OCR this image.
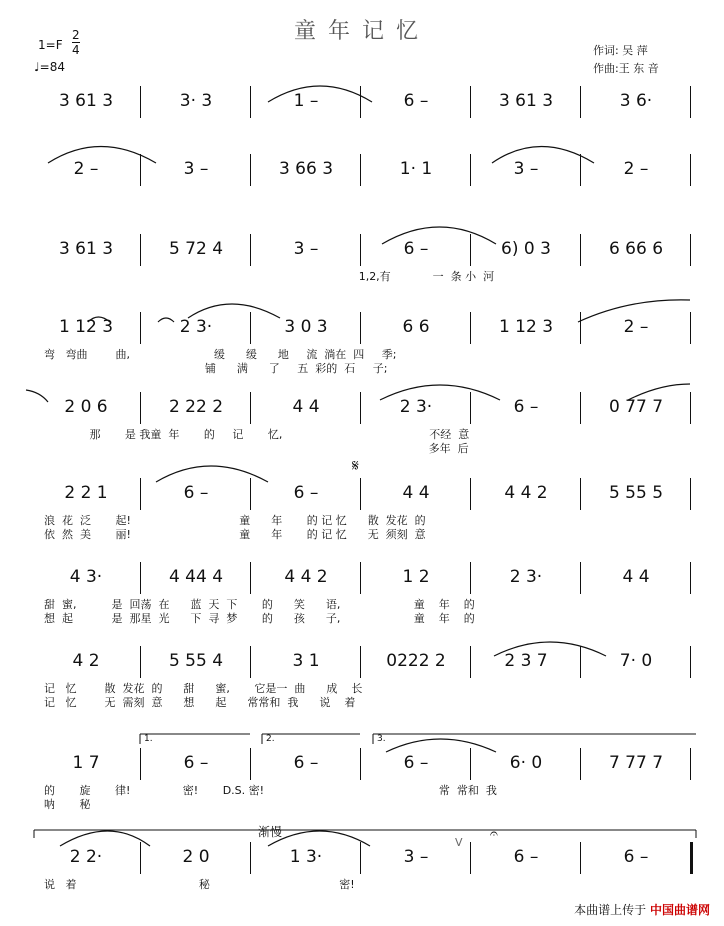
童年记忆
1=F
2
4
♩=84
作词: 吴 萍
作曲:王 东 音
3 61 3	3· 3	1 –	6 –	3 61 3	3 6·
2 –	3 –	3 66 3	1· 1	3 –	2 –
3 61 3	5 72 4	3 –	6 –	6) 0 3	6 66 6
1,2,有            一  条 小  河
1 12 3	2 3·	3 0 3	6 6	1 12 3	2 –
弯   弯曲        曲,                        缓      缓      地     流  淌在  四     季;
铺      满      了     五  彩的  石     子;
2 0 6	2 22 2	4 4	2 3·	6 –	0 77 7
那       是 我童  年       的     记       忆,                                          不经  意
多年  后
2 2 1	6 –	6 –	4 4	4 4 2	5 55 5
浪  花  泛       起!                               童      年       的 记 忆      散  发花  的
依  然  美       丽!                               童      年       的 记 忆      无  须刻  意
4 3·	4 44 4	4 4 2	1 2	2 3·	4 4
甜  蜜,          是  回荡  在      蓝  天  下       的      笑      语,                     童    年    的
想  起           是  那星  光      下  寻  梦       的      孩      子,                     童    年    的
4 2	5 55 4	3 1	0222 2	2 3 7	7· 0
记   忆        散  发花  的      甜      蜜,       它是一  曲      成    长
记   忆        无  需刻  意      想      起      常常和  我      说    着
1 7	6 –	6 –	6 –	6· 0	7 77 7
的       旋       律!               密!       D.S. 密!                                                  常  常和  我
呐       秘
2 2·	2 0	1 3·	3 –	6 –	6 –
说   着                                   秘                                     密!
𝄋
渐慢
1.	2.	3.
𝄐
V
本曲谱上传于 中国曲谱网
